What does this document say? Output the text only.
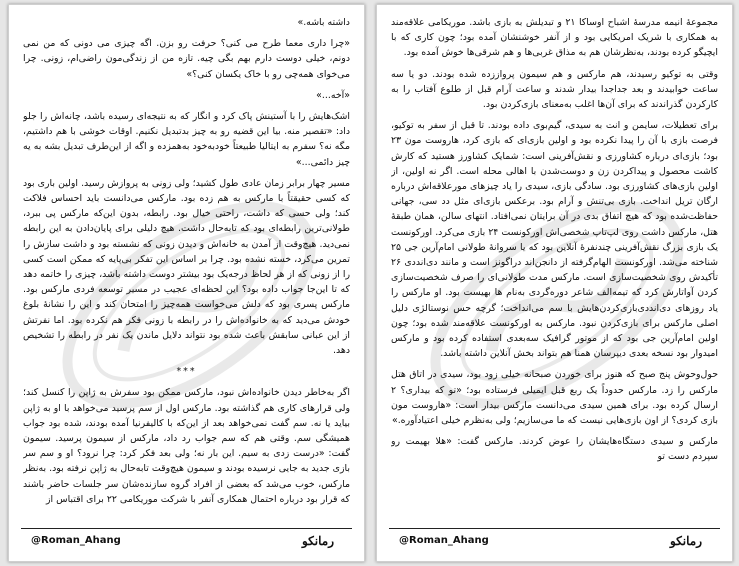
داشته باشه.»

«چرا داری معما طرح می کنی؟ حرفت رو بزن. اگه چیزی می دونی که من نمی دونم، خیلی دوست دارم بهم بگی چیه. تازه من از زندگی‌مون راضی‌ام، زونی. چرا می‌خوای همه‌چی رو با خاک یکسان کنی؟»

«آخه...»

اشک‌هایش را با آستینش پاک کرد و انگار که به نتیجه‌ای رسیده باشد، چانه‌اش را جلو داد: «تقصیر منه. بیا این قضیه رو به چیز بدتبدیل نکنیم. اوقات خوشی با هم داشتیم، مگه نه؟ سفرم به ایتالیا طبیعتاً خودبه‌خود به‌همزده و اگه از این‌طرف تبدیل بشه به یه چیز دائمی...»

مسیر چهار برابر زمان عادی طول کشید؛ ولی زونی به پروازش رسید. اولین باری بود که کسی حقیقتاً با مارکس به هم زده بود. مارکس می‌دانست باید احساس فلاکت کند؛ ولی حسی که داشت، راحتی خیال بود. رابطه، بدون این‌که مارکس پی ببرد، طولانی‌ترین رابطه‌ای بود که تابه‌حال داشت. هیچ دلیلی برای پایان‌دادن به این رابطه نمی‌دید. هیچ‌وقت از آمدن به خانه‌اش و دیدن زونی که نشسته بود و داشت سازش را تمرین می‌کرد، خسته نشده بود. چرا بر اساس این تفکر بی‌پایه که ممکن است کسی را از زونی که از هر لحاظ درجه‌یک بود بیشتر دوست داشته باشد، چیزی را خاتمه دهد که تا این‌جا جواب داده بود؟ این لحظه‌ای عجیب در مسیر توسعه فردی مارکس بود. مارکس پسری بود که دلش می‌خواست همه‌چیز را امتحان کند و این را نشانهٔ بلوغ خودش می‌دید که به خانواده‌اش را در رابطه با زونی فکر هم نکرده بود. اما نفرتش از این عبانی سابقش باعث شده بود نتواند دلایل ماندن یک نفر در رابطه را تشخیص دهد.

***

اگر به‌خاطر دیدن خانواده‌اش نبود، مارکس ممکن بود سفرش به ژاپن را کنسل کند؛ ولی قرارهای کاری هم گذاشته بود. مارکس اول از سم پرسید می‌خواهد با او به ژاپن بیاید یا نه. سم گفت نمی‌خواهد بعد از این‌که با کالیفرنیا آمده بودند، شده بود جواب همیشگی سم. وقتی هم که سم جواب رد داد، مارکس از سیمون پرسید. سیمون گفت: «درست زدی به سیم. این بار نه؛ ولی بعد فکر کرد: چرا نرود؟ او و سم سر بازی جدید به جایی نرسیده بودند و سیمون هیچ‌وقت تابه‌حال به ژاپن نرفته بود. به‌نظر مارکس، خوب می‌شد که بعضی از افراد گروه سازنده‌شان سر جلسات حاضر باشند که قرار بود درباره احتمال همکاری آنفر با شرکت موریکامی ۲۲ برای اقتباس از

@Roman_Ahang	رمانکو

مجموعهٔ انیمه مدرسهٔ اشباح اوساکا ۲۱ و تبدیلش به بازی باشد. موریکامی علاقه‌مند به همکاری با شریک امریکایی بود و از آنفر خوشنشان آمده بود؛ چون کاری که با ایچیگو کرده بودند، به‌نظرشان هم به مذاق غربی‌ها و هم شرقی‌ها خوش آمده بود.

وقتی به توکیو رسیدند، هم مارکس و هم سیمون پرواززده شده بودند. دو یا سه ساعت خوابیدند و بعد جداجدا بیدار شدند و ساعت آرام قبل از طلوع آفتاب را به کارکردن گذراندند که برای آن‌ها اغلب به‌معنای بازی‌کردن بود.

برای تعطیلات، سایمن و انت به سیدی، گیم‌بوی داده بودند. تا قبل از سفر به توکیو، فرصت بازی با آن را پیدا نکرده بود و اولین بازی‌ای که بازی کرد، هاروست مون ۲۳ بود؛ بازی‌ای درباره کشاورزی و نقش‌آفرینی است: شمایک کشاورز هستید که کارش کاشت محصول و پیداکردن زن و دوست‌شدن با اهالی محله است. اگر نه اولین، از اولین بازی‌های کشاورزی بود. سادگی بازی، سیدی را یاد چیزهای مورعلاقه‌اش درباره ارگان تریل انداخت. بازی بی‌تنش و آرام بود. برعکس بازی‌ای مثل دد سی، جهانی حفاظت‌شده بود که هیچ اتفاق بدی در آن برایتان نمی‌افتاد. انتهای سالن، همان طبقهٔ هتل، مارکس داشت روی لپ‌تاپ شخصی‌اش اورکونست ۲۴ بازی می‌کرد. اورکونست یک بازی بزرگ نقش‌آفرینی چندنفرهٔ آنلاین بود که یا سروانهٔ طولانی امام‌آرین جی ۲۵ شناخته می‌شد. اورکونست الهام‌گرفته از دانجن‌اند دراگونز است و مانند دی‌اند‌دی ۲۶ تأکیدش روی شخصیت‌سازی است. مارکس مدت طولانی‌ای را صرف شخصیت‌سازی کردن آواتارش کرد که تیمه‌الف شاعر دوره‌گردی به‌نام ها بهیست بود. او مارکس را یاد روزهای دی‌اند‌دی‌بازی‌کردن‌هایش با سم می‌انداخت؛ گرچه حس نوستالژی دلیل اصلی مارکس برای بازی‌کردن نبود. مارکس به اورکونست علاقه‌مند شده بود؛ چون اولین امام‌آرین جی بود که از موتور گرافیک سه‌بعدی استفاده کرده بود و مارکس امیدوار بود نسخه بعدی دیپرسان همنا هم بتواند بخش آنلاین داشته باشد.

حول‌وحوش پنج صبح که هنوز برای خوردن صبحانه خیلی زود بود، سیدی در اتاق هتل مارکس را زد. مارکس حدوداً یک ربع قبل ایمیلی فرستاده بود؛ «تو که بیداری؟ ۲ ارسال کرده بود. برای همین سیدی می‌دانست مارکس بیدار است: «هاروست مون بازی کردی؟ از اون بازی‌هایی نیست که ما می‌سازیم؛ ولی به‌نظرم خیلی اعتیادآوره.»

مارکس و سیدی دستگاه‌هایشان را عوض کردند. مارکس گفت: «هلا بهیمت رو سپردم دست تو

@Roman_Ahang	رمانکو
